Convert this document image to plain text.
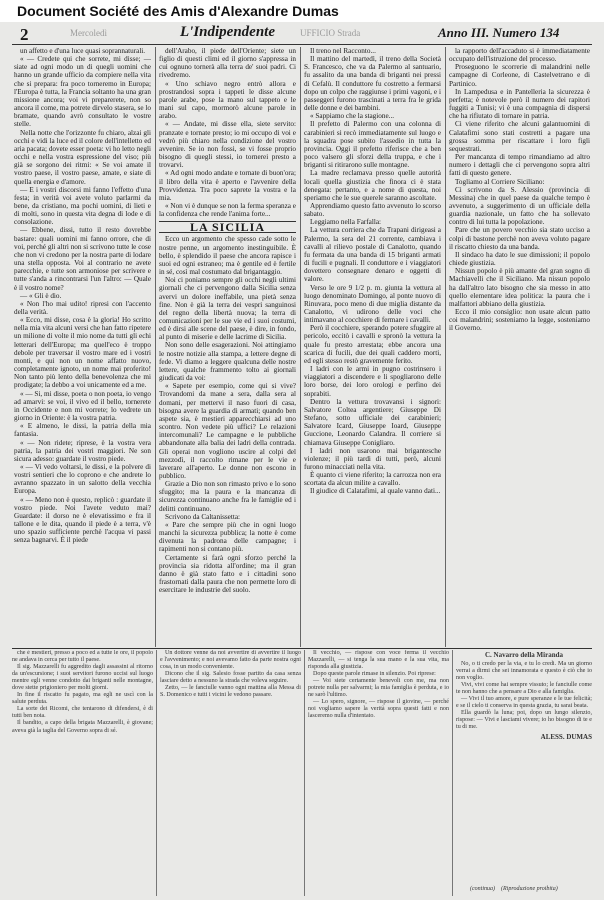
Document Société des Amis d'Alexandre Dumas
2	Mercoledì	L'Indipendente	UFFICIO Strada	Anno III. Numero 134

un affetto e d'una luce quasi soprannaturali.

« — Credete qui che sorrete, mi disse; — siate ad ogni modo un di quegli uomini che hanno un grande ufficio da compiere nella vita che si prepara: fra poco torneremo in Europa; l'Europa è tutta, la Francia soltanto ha una gran missione ancora; voi vi preparerete, non so ancora il come, ma potrete dirvelo stasera, se lo bramate, quando avrò consultato le vostre stelle.

Nella notte che l'orizzonte fu chiaro, alzai gli occhi e vidi la luce ed il colore dell'intelletto ed aria pacata; dovete esser poeta: vi ho letto negli occhi e nella vostra espressione del viso; più già se sorgono dei ritmi: « Se voi amate il vostro paese, il vostro paese, amate, e siate di quella energia e d'amore.

— E i vostri discorsi mi fanno l'effetto d'una festa; in verità voi avete voluto parlarmi da bene, da cristiano, ma pochi uomini, di lieti e di molti, sono in questa vita degna di lode e di consolazione.

— Ebbene, dissi, tutto il resto dovrebbe bastare: quali uomini mi fanno orrore, che di voi, perché gli altri non si scrivono tutte le cose che non vi credono per la nostra parte di lodare una stella opposta. Voi al contrario ne avete parecchie, e tutte son armoniose per scrivere e tutte s'anda a rincontrarsi l'un l'altro: — Quale è il vostro nome?

— « Gli è dio.

« Non l'ho mai udito! ripresi con l'accento della verità.

« Ecco, mi disse, cosa è la gloria! Ho scritto nella mia vita alcuni versi che han fatto ripetere un milione di volte il mio nome da tutti gli echi letterari dell'Europa; ma quell'eco è troppo debole per traversar il vostro mare ed i vostri monti, e qui non un nome affatto nuovo, completamente ignoto, un nome mai proferito! Non tanto più lento della benevolenza che mi prodigate; la debbo a voi unicamente ed a me.

« — Si, mi disse, poeta o non poeta, io vengo ad amarvi: se voi, il vivo ed il bello, tornerete in Occidente e non mi vorrete; lo vedrete un giorno in Oriente: è la vostra patria.

« E almeno, le dissi, la patria della mia fantasia.

« — Non ridete; riprese, è la vostra vera patria, la patria dei vostri maggiori. Ne son sicura adesso: guardate il vostro piede.

« — Vi vedo voltarsi, le dissi, e la polvere di vostri sentieri che lo coprono e che andrete lo avranno spazzato in un salotto della vecchia Europa.

« — Meno non è questo, replicò : guardate il vostro piede. Noi l'avete veduto mai? Guardate: il dorso ne è elevatissimo e fra il tallone e le dita, quando il piede è a terra, v'è uno spazio sufficiente perchè l'acqua vi passi senza bagnarvi. È il piede

dell'Arabo, il piede dell'Oriente; siete un figlio di questi climi ed il giorno s'appressa in cui ognuno tornerà alla terra de' suoi padri. Ci rivedremo.

« Uno schiavo negro entrò allora e prostrandosi sopra i tappeti le disse alcune parole arabe, pose la mano sul tappeto e le mani sul capo, mormorò alcune parole in arabo.

« — Andate, mi disse ella, siete servito: pranzate e tornate presto; io mi occupo di voi e vedrò più chiaro nella condizione del vostro avvenire. Se io non fossi, se vi fosse proprio bisogno di quegli stessi, io tornerei presto a trovarvi.

« Ad ogni modo andate e tornate di buon'ora; il libro della vita è aperto e l'avvenire della Provvidenza. Tra poco saprete la vostra e la mia.

« Non vi è dunque se non la ferma speranza e la confidenza che rende l'anima forte...

LA SICILIA

Ecco un argomento che spesso cade sotto le nostre penne, un argomento inestinguibile. È bello, è splendido il paese che ancora rapisce i suoi ed ogni estraneo; ma è gentile ed è fertile in sé, così mal costumato dal brigantaggio.

Noi ci poniamo sempre gli occhi negli ultimi giornali che ci pervengono dalla Sicilia senza avervi un dolore ineffabile, una pietà senza fine. Non è già la terra dei vespri sanguinosi del regno della libertà nuova; la terra di comunicazioni per le sue vie ed i suoi costumi, ed è dirsi alle scene del paese, è dire, in fondo, al punto di miserie e delle lacrime di Sicilia.

Non sono delle esagerazioni. Noi attingiamo le nostre notizie alla stampa, a lettere degne di fede. Vi diamo a leggere qualcuna delle nostre lettere, qualche frammento tolto ai giornali giudicati da voi:

« Sapete per esempio, come qui si vive? Trovandomi da mane a sera, dalla sera al domani, per mettervi il naso fuori di casa, bisogna avere la guardia di armati; quando ben aspete sia, è mestieri apparecchiarsi ad uno scontro. Non vedete più uffici? Le relazioni intercomunali? Le campagne e le pubbliche abbandonate alla balia dei ladri della contrada. Gli operai non vogliono uscire al colpi del mezzodì, il raccolto rimane per le vie e laverare all'aperto. Le donne non escono in pubblico.

Grazie a Dio non son rimasto privo e lo sono sfuggito; ma la paura e la mancanza di sicurezza continuano anche fra le famiglie ed i delitti continuano.

Scrivono da Caltanissetta:

« Pare che sempre più che in ogni luogo manchi la sicurezza pubblica; la notte è come divenuta la padrona delle campagne; i rapimenti non si contano più.

Certamente si farà ogni sforzo perché la provincia sia ridotta all'ordine; ma il gran danno è già stato fatto e i cittadini sono frastornati dalla paura che non permette loro di esercitare le industrie del suolo.

Il treno nel Racconto...

Il mattino del martedì, il treno della Società S. Francesco, che va da Palermo al santuario, fu assalito da una banda di briganti nei pressi di Cefalù. Il conduttore fu costretto a fermarsi dopo un colpo che raggiunse i primi vagoni, e i passeggeri furono trascinati a terra fra le grida delle donne e dei bambini.

« Sappiamo che la stagione...

Il prefetto di Palermo con una colonna di carabinieri si recò immediatamente sul luogo e la squadra pose subito l'assedio in tutta la provincia. Oggi il prefetto riferisce che a ben poco valsero gli sforzi della truppa, e che i briganti si ritirarono sulle montagne.

La madre reclamava presso quelle autorità locali quella giustizia che finora ci è stata denegata: pertanto, e a nome di questa, noi speriamo che le sue querele saranno ascoltate.

Apprendiamo questo fatto avvenuto lo scorso sabato.

Leggiamo nella Farfalla:

La vettura corriera che da Trapani dirigeasi a Palermo, la sera del 21 corrente, cambiava i cavalli al rilievo postale di Canalotto, quando fu fermata da una banda di 15 briganti armati di fucili e pugnali. Il conduttore e i viaggiatori dovettero consegnare denaro e oggetti di valore.

Verso le ore 9 1/2 p. m. giunta la vettura al luogo denominato Domingo, al ponte nuovo di Rinuvara, poco meno di due miglia distante da Canalotto, vi udirono delle voci che intimavano al cocchiere di fermare i cavalli.

Però il cocchiere, sperando potere sfuggire al pericolo, eccitò i cavalli e spronò la vettura la quale fu presto arrestata; ebbe ancora una scarica di fucili, due dei quali caddero morti, ed egli stesso restò gravemente ferito.

I ladri con le armi in pugno costrinsero i viaggiatori a discendere e li spogliarono delle loro borse, dei loro orologi e perfino dei soprabiti.

Dentro la vettura trovavansi i signori: Salvatore Coltea argentiere; Giuseppe Di Stefano, sotto ufficiale dei carabinieri; Salvatore Icard, Giuseppe Ioard, Giuseppe Guccione, Leonardo Calandra. Il corriere si chiamava Giuseppe Conigliaro.

I ladri non usarono mai brigantesche violenze; il più tardi di tutti, però, alcuni furono minacciati nella vita.

È quanto ci viene riferito; la carrozza non era scortata da alcun milite a cavallo.

Il giudice di Calatafimi, al quale vanno dati...

la rapporto dell'accaduto si è immediatamente occupato dell'istruzione del processo.

Proseguono le scorrerie di malandrini nelle campagne di Corleone, di Castelvetrano e di Partinico.

In Lampedusa e in Pantelleria la sicurezza è perfetta; è notevole però il numero dei rapitori fuggiti a Tunisi; vi è una compagnia di dispersi che ha rifiutato di tornare in patria.

Ci viene riferito che alcuni galantuomini di Calatafimi sono stati costretti a pagare una grossa somma per riscattare i loro figli sequestrati.

Per mancanza di tempo rimandiamo ad altro numero i dettagli che ci pervengono sopra altri fatti di questo genere.

Togliamo al Corriere Siciliano:

Ci scrivono da S. Alessio (provincia di Messina) che in quel paese da qualche tempo è avvenuto, a suggerimento di un ufficiale della guardia nazionale, un fatto che ha sollevato contro di lui tutta la popolazione.

Pare che un povero vecchio sia stato ucciso a colpi di bastone perchè non aveva voluto pagare il riscatto chiesto da una banda.

Il sindaco ha dato le sue dimissioni; il popolo chiede giustizia.

Nissun popolo è più amante del gran sogno di Machiavelli che il Siciliano. Ma nissun popolo ha dall'altro lato bisogno che sia messo in atto quello elementare idea politica: la paura che i malfattori abbiano della giustizia.

Ecco il mio consiglio: non usate alcun patto coi malandrini; sosteniamo la legge, sosteniamo il Governo.

che è mestieri, presso a poco ed a tutte le ore, il popolo ne andava in cerca per tutto il paese.

Il sig. Mazzarelli fu aggredito dagli assassini al ritorno da un'escursione; i suoi servitori furono uccisi sul luogo mentre egli venne condotto dai briganti nelle montagne, dove stette prigioniero per molti giorni.

In fine il riscatto fu pagato, ma egli ne uscì con la salute perduta.

La sorte dei Ricomi, che tentarono di difendersi, è di tutti ben nota.

Il bandito, a capo della brigata Mazzarelli, è giovane; aveva già la taglia del Governo sopra di sé.

Un dottore venne da noi avvertire di avvertire il luogo e l'avvenimento; e noi avevamo fatto da parte nostra ogni cosa, in un modo conveniente.

Dicono che il sig. Salesio fosse partito da casa senza lasciare detto a nessuno la strada che voleva seguire.

Zetto, — le fanciulle vanno ogni mattina alla Messa di S. Domenico e tutti i vicini le vedono passare.

Il vecchio, — rispose con voce ferma il vecchio Mazzarelli, — si tenga la sua mano e la sua vita, ma risponda alla giustizia.

Dopo queste parole rimase in silenzio. Poi riprese:

— Voi siete certamente benevoli con me, ma non potrete nulla per salvarmi; la mia famiglia è perduta, e io ne sarò l'ultimo.

— Lo spero, signore, — rispose il giovine, — perché noi vogliamo sapere la verità sopra questi fatti e non lasceremo nulla d'intentato.

C. Navarro della Miranda

No, o ti credo per la via, e tu lo credi. Ma un giorno verrai a dirmi che sei innamorata e questo è ciò che io non voglio.

Vivi, vivi come hai sempre vissuto; le fanciulle come te non hanno che a pensare a Dio e alla famiglia.

— Vivi il tuo amore, e pure speranze e le tue felicità; e se il cielo ti conserva in questa grazia, tu sarai beata.

Ella guardò la luna; poi, dopo un lungo silenzio, rispose: — Vivi e lasciami vivere; io ho bisogno di te e tu di me.

ALESS. DUMAS
(continua) (Riproduzione proibita)
